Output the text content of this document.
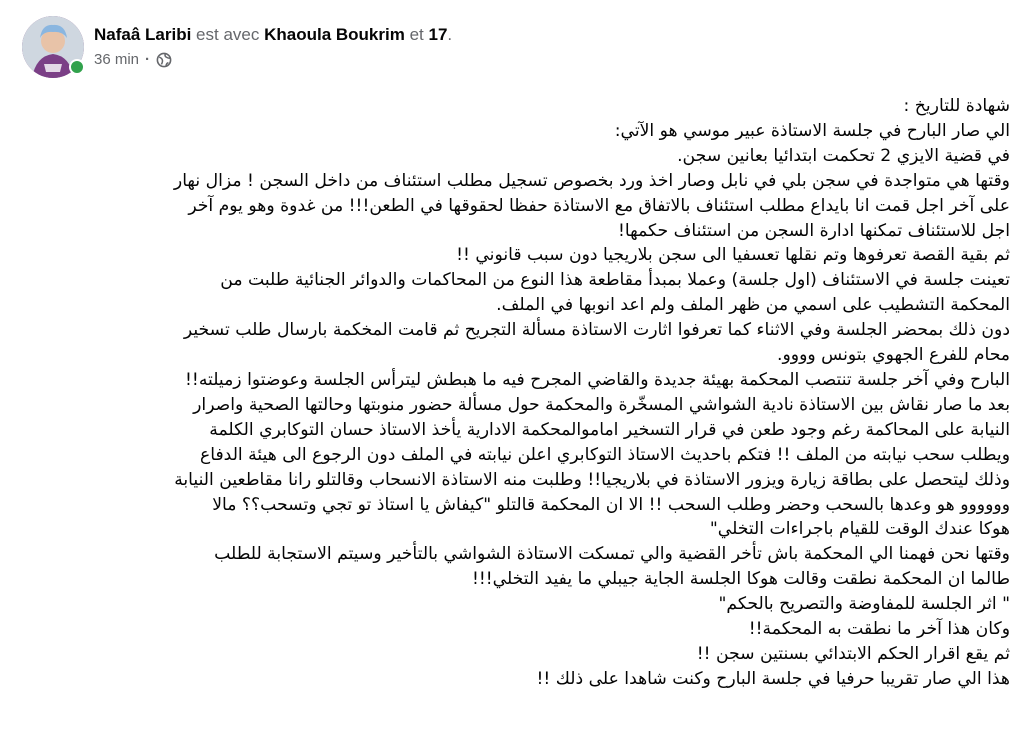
Nafaâ Laribi est avec Khaoula Boukrim et 17.
36 min ·

شهادة للتاريخ :

الي صار البارح في جلسة الاستاذة عبير موسي هو الآتي:

في قضية الايزي 2 تحكمت ابتدائيا بعانين سجن.

وقتها هي متواجدة في سجن بلي في نابل وصار اخذ ورد بخصوص تسجيل مطلب استئناف من داخل السجن ! مزال نهار

على آخر اجل قمت انا بايداع مطلب استئناف بالاتفاق مع الاستاذة حفظا لحقوقها في الطعن!!! من غدوة وهو يوم آخر

اجل للاستئناف تمكنها ادارة السجن من استئناف حكمها!

ثم بقية القصة تعرفوها وتم نقلها تعسفيا الى سجن بلاريجيا دون سبب قانوني !!

تعينت جلسة في الاستئناف (اول جلسة) وعملا بمبدأ مقاطعة هذا النوع من المحاكمات والدوائر الجنائية طلبت من

المحكمة التشطيب على اسمي من ظهر الملف ولم اعد انوبها في الملف.

دون ذلك بمحضر الجلسة وفي الاثناء كما تعرفوا اثارت الاستاذة مسألة التجريح ثم قامت المخكمة بارسال طلب تسخير

محام للفرع الجهوي بتونس وووو.

البارح وفي آخر جلسة تنتصب المحكمة بهيئة جديدة والقاضي المجرح فيه ما هبطش ليترأس الجلسة وعوضتوا زميلته!!

بعد ما صار نقاش بين الاستاذة نادية الشواشي المسخّرة والمحكمة حول مسألة حضور منوبتها وحالتها الصحية واصرار

النيابة على المحاكمة رغم وجود طعن في قرار التسخير اماموالمحكمة الادارية يأخذ الاستاذ حسان التوكابري الكلمة

ويطلب سحب نيابته من الملف !! فتكم باحديث الاستاذ التوكابري اعلن نيابته في الملف دون الرجوع الى هيئة الدفاع

وذلك ليتحصل على بطاقة زيارة ويزور الاستاذة في بلاريجيا!! وطلبت منه الاستاذة الانسحاب وقالتلو رانا مقاطعين النيابة

وووووو هو وعدها بالسحب وحضر وطلب السحب !! الا ان المحكمة قالتلو "كيفاش يا استاذ تو تجي وتسحب؟؟ مالا

هوكا عندك الوقت للقيام باجراءات التخلي"

وقتها نحن فهمنا الي المحكمة باش تأخر القضية والي تمسكت الاستاذة الشواشي بالتأخير وسيتم الاستجابة للطلب

طالما ان المحكمة نطقت وقالت هوكا الجلسة الجاية جيبلي ما يفيد التخلي!!!

" اثر الجلسة للمفاوضة والتصريح بالحكم"

وكان هذا آخر ما نطقت به المحكمة!!

ثم يقع اقرار الحكم الابتدائي بسنتين سجن !!

هذا الي صار تقريبا حرفيا في جلسة البارح وكنت شاهدا على ذلك !!
